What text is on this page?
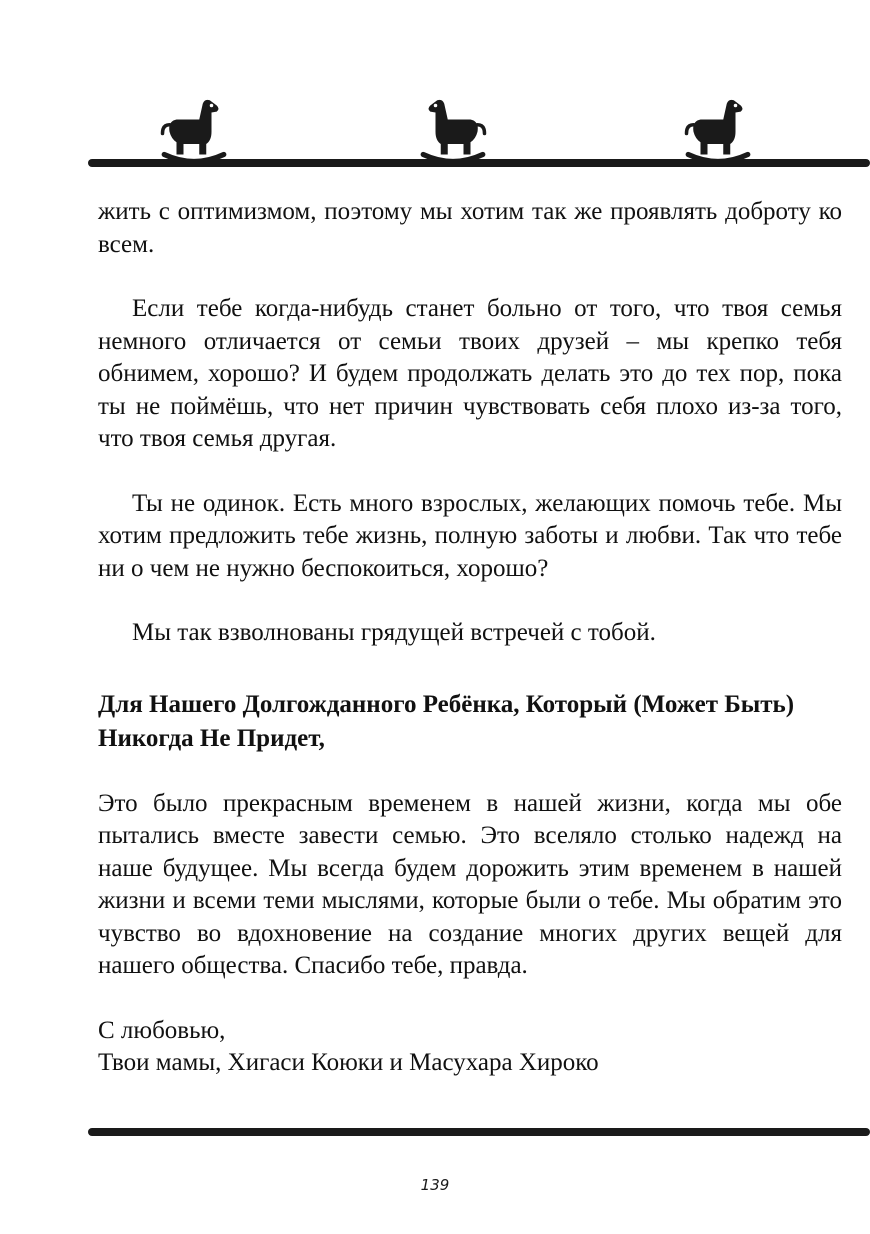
жить с оптимизмом, поэтому мы хотим так же проявлять доброту ко всем.

Если тебе когда-нибудь станет больно от того, что твоя семья немного отличается от семьи твоих друзей – мы крепко тебя обнимем, хорошо? И будем продолжать делать это до тех пор, пока ты не поймёшь, что нет причин чувствовать себя плохо из-за того, что твоя семья другая.

Ты не одинок. Есть много взрослых, желающих помочь тебе. Мы хотим предложить тебе жизнь, полную заботы и любви. Так что тебе ни о чем не нужно беспокоиться, хорошо?

Мы так взволнованы грядущей встречей с тобой.

Для Нашего Долгожданного Ребёнка, Который (Может Быть) Никогда Не Придет,

Это было прекрасным временем в нашей жизни, когда мы обе пытались вместе завести семью. Это вселяло столько надежд на наше будущее. Мы всегда будем дорожить этим временем в нашей жизни и всеми теми мыслями, которые были о тебе. Мы обратим это чувство во вдохновение на создание многих других вещей для нашего общества. Спасибо тебе, правда.

С любовью,

Твои мамы, Хигаси Коюки и Масухара Хироко

139
